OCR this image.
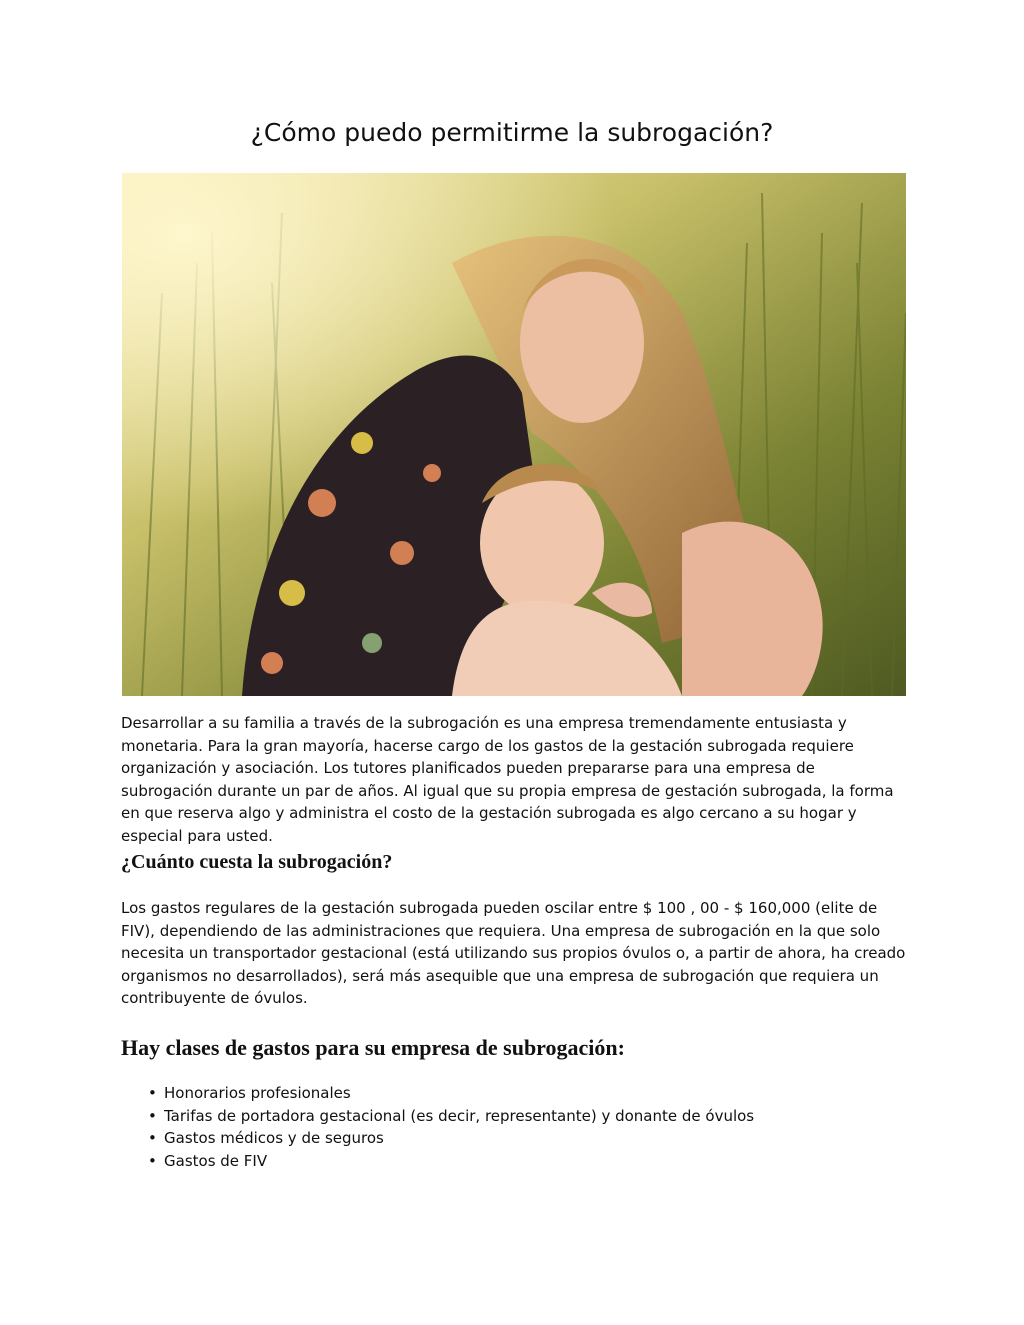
¿Cómo puedo permitirme la subrogación?

Desarrollar a su familia a través de la subrogación es una empresa tremendamente entusiasta y monetaria. Para la gran mayoría, hacerse cargo de los gastos de la gestación subrogada requiere organización y asociación. Los tutores planificados pueden prepararse para una empresa de subrogación durante un par de años. Al igual que su propia empresa de gestación subrogada, la forma en que reserva algo y administra el costo de la gestación subrogada es algo cercano a su hogar y especial para usted.

¿Cuánto cuesta la subrogación?

Los gastos regulares de la gestación subrogada pueden oscilar entre $ 100 , 00 - $ 160,000 (elite de FIV), dependiendo de las administraciones que requiera. Una empresa de subrogación en la que solo necesita un transportador gestacional (está utilizando sus propios óvulos o, a partir de ahora, ha creado organismos no desarrollados), será más asequible que una empresa de subrogación que requiera un contribuyente de óvulos.

Hay clases de gastos para su empresa de subrogación:
• Honorarios profesionales
• Tarifas de portadora gestacional (es decir, representante) y donante de óvulos
• Gastos médicos y de seguros
• Gastos de FIV
